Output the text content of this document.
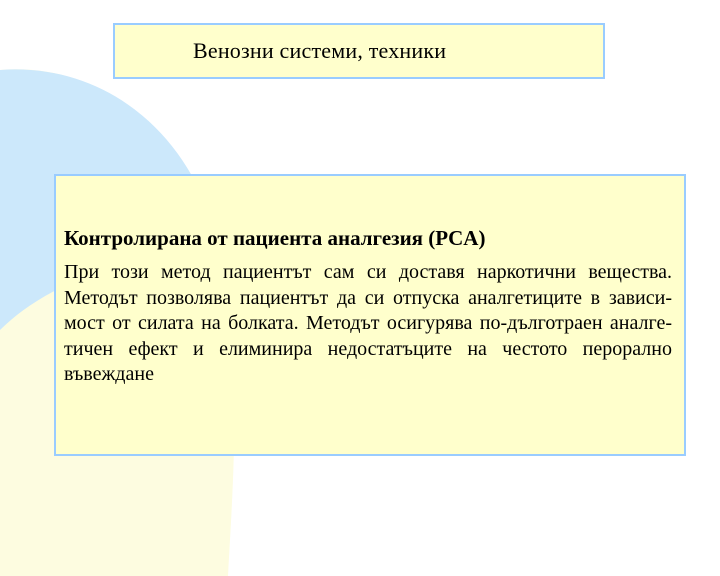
Венозни системи, техники
Контролирана от пациента аналгезия (PCA)

При този метод пациентът сам си доставя наркотични вещества. Методът позволява пациентът да си отпуска аналгетиците в зависи-мост от силата на болката. Методът осигурява по-дълготраен аналге-тичен ефект и елиминира недостатъците на честото перорално въвеждане
